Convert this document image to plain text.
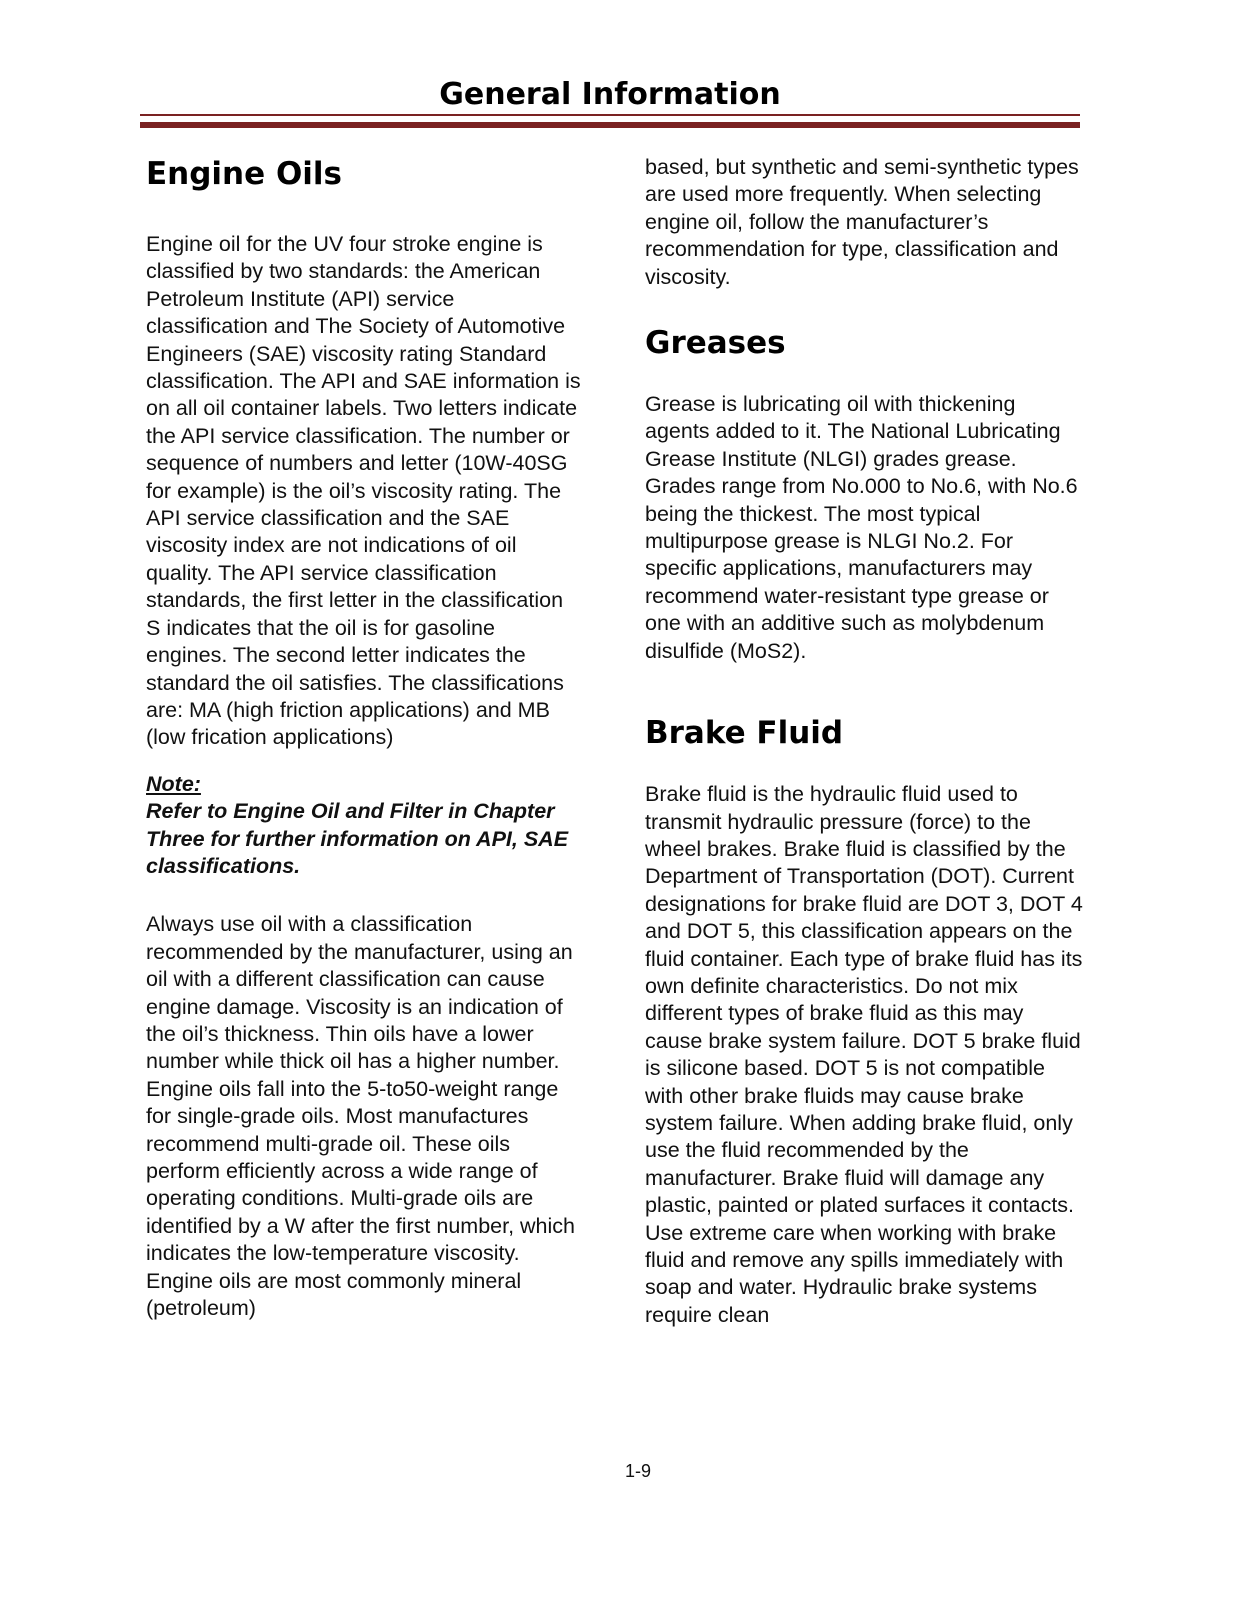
General Information
Engine Oils

Engine oil for the UV four stroke engine is classified by two standards: the American Petroleum Institute (API) service classification and The Society of Automotive Engineers (SAE) viscosity rating Standard classification. The API and SAE information is on all oil container labels. Two letters indicate the API service classification. The number or sequence of numbers and letter (10W-40SG for example) is the oil’s viscosity rating. The API service classification and the SAE viscosity index are not indications of oil quality. The API service classification standards, the first letter in the classification S indicates that the oil is for gasoline engines. The second letter indicates the standard the oil satisfies. The classifications are: MA (high friction applications) and MB (low frication applications)

Note:

Refer to Engine Oil and Filter in Chapter Three for further information on API, SAE classifications.

Always use oil with a classification recommended by the manufacturer, using an oil with a different classification can cause engine damage. Viscosity is an indication of the oil’s thickness. Thin oils have a lower number while thick oil has a higher number. Engine oils fall into the 5-to50-weight range for single-grade oils. Most manufactures recommend multi-grade oil. These oils perform efficiently across a wide range of operating conditions. Multi-grade oils are identified by a W after the first number, which indicates the low-temperature viscosity. Engine oils are most commonly mineral (petroleum)

based, but synthetic and semi-synthetic types are used more frequently. When selecting engine oil, follow the manufacturer’s recommendation for type, classification and viscosity.

Greases

Grease is lubricating oil with thickening agents added to it. The National Lubricating Grease Institute (NLGI) grades grease. Grades range from No.000 to No.6, with No.6 being the thickest. The most typical multipurpose grease is NLGI No.2. For specific applications, manufacturers may recommend water-resistant type grease or one with an additive such as molybdenum disulfide (MoS2).

Brake Fluid

Brake fluid is the hydraulic fluid used to transmit hydraulic pressure (force) to the wheel brakes. Brake fluid is classified by the Department of Transportation (DOT). Current designations for brake fluid are DOT 3, DOT 4 and DOT 5, this classification appears on the fluid container. Each type of brake fluid has its own definite characteristics. Do not mix different types of brake fluid as this may cause brake system failure. DOT 5 brake fluid is silicone based. DOT 5 is not compatible with other brake fluids may cause brake system failure. When adding brake fluid, only use the fluid recommended by the manufacturer. Brake fluid will damage any plastic, painted or plated surfaces it contacts. Use extreme care when working with brake fluid and remove any spills immediately with soap and water. Hydraulic brake systems require clean

1-9
